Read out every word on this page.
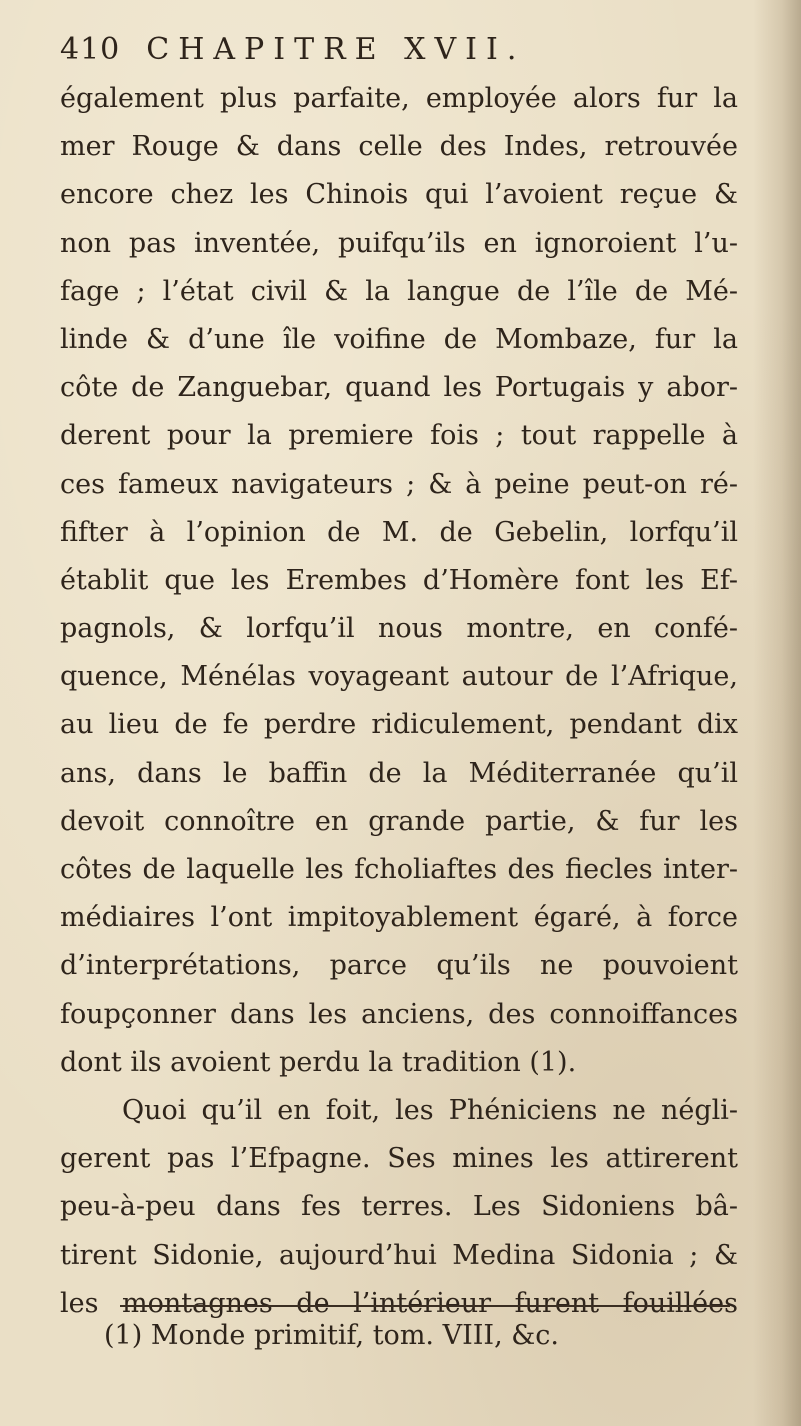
410 CHAPITRE XVII.
également plus parfaite, employée alors fur la
mer Rouge & dans celle des Indes, retrouvée
encore chez les Chinois qui l’avoient reçue &
non pas inventée, puifqu’ils en ignoroient l’u-
fage ; l’état civil & la langue de l’île de Mé-
linde & d’une île voifine de Mombaze, fur la
côte de Zanguebar, quand les Portugais y abor-
derent pour la premiere fois ; tout rappelle à
ces fameux navigateurs ; & à peine peut-on ré-
fifter à l’opinion de M. de Gebelin, lorfqu’il
établit que les Erembes d’Homère font les Ef-
pagnols, & lorfqu’il nous montre, en confé-
quence, Ménélas voyageant autour de l’Afrique,
au lieu de fe perdre ridiculement, pendant dix
ans, dans le baffin de la Méditerranée qu’il
devoit connoître en grande partie, & fur les
côtes de laquelle les fcholiaftes des fiecles inter-
médiaires l’ont impitoyablement égaré, à force
d’interprétations, parce qu’ils ne pouvoient
foupçonner dans les anciens, des connoiffances
dont ils avoient perdu la tradition (1).
Quoi qu’il en foit, les Phéniciens ne négli-
gerent pas l’Efpagne. Ses mines les attirerent
peu-à-peu dans fes terres. Les Sidoniens bâ-
tirent Sidonie, aujourd’hui Medina Sidonia ; &
les montagnes de l’intérieur furent fouillées
(1) Monde primitif, tom. VIII, &c.
